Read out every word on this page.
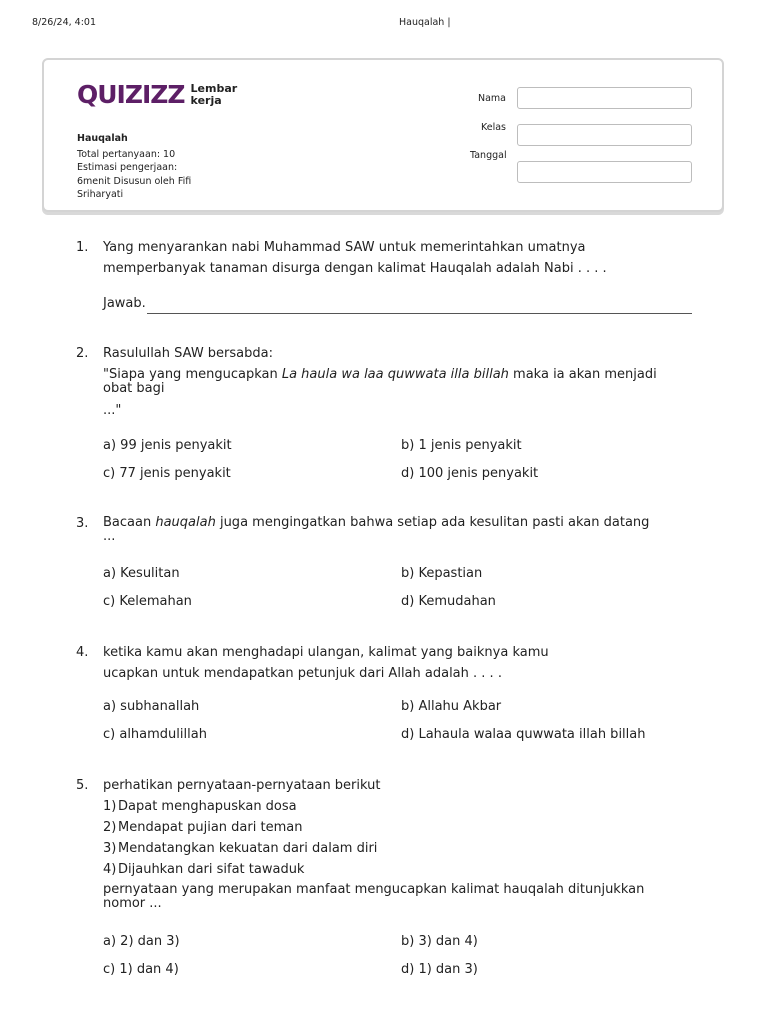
8/26/24, 4:01	Hauqalah |
QUIZIZZ Lembar
kerja
Hauqalah
Total pertanyaan: 10
Estimasi pengerjaan:
6menit Disusun oleh Fifi Sriharyati
Nama
Kelas
Tanggal
1. Yang menyarankan nabi Muhammad SAW untuk memerintahkan umatnya

memperbanyak tanaman disurga dengan kalimat Hauqalah adalah Nabi . . . .

Jawab.
2. Rasulullah SAW bersabda:

"Siapa yang mengucapkan La haula wa laa quwwata illa billah maka ia akan menjadi
obat bagi

..."

a) 99 jenis penyakit	b) 1 jenis penyakit
c) 77 jenis penyakit	d) 100 jenis penyakit
3. Bacaan hauqalah juga mengingatkan bahwa setiap ada kesulitan pasti akan datang
...

a) Kesulitan	b) Kepastian
c) Kelemahan	d) Kemudahan
4. ketika kamu akan menghadapi ulangan, kalimat yang baiknya kamu

ucapkan untuk mendapatkan petunjuk dari Allah adalah . . . .

a) subhanallah	b) Allahu Akbar
c) alhamdulillah	d) Lahaula walaa quwwata illah billah
5. perhatikan pernyataan-pernyataan berikut

1) Dapat menghapuskan dosa
2) Mendapat pujian dari teman
3) Mendatangkan kekuatan dari dalam diri
4) Dijauhkan dari sifat tawaduk

pernyataan yang merupakan manfaat mengucapkan kalimat hauqalah ditunjukkan
nomor ...

a) 2) dan 3)	b) 3) dan 4)
c) 1) dan 4)	d) 1) dan 3)
